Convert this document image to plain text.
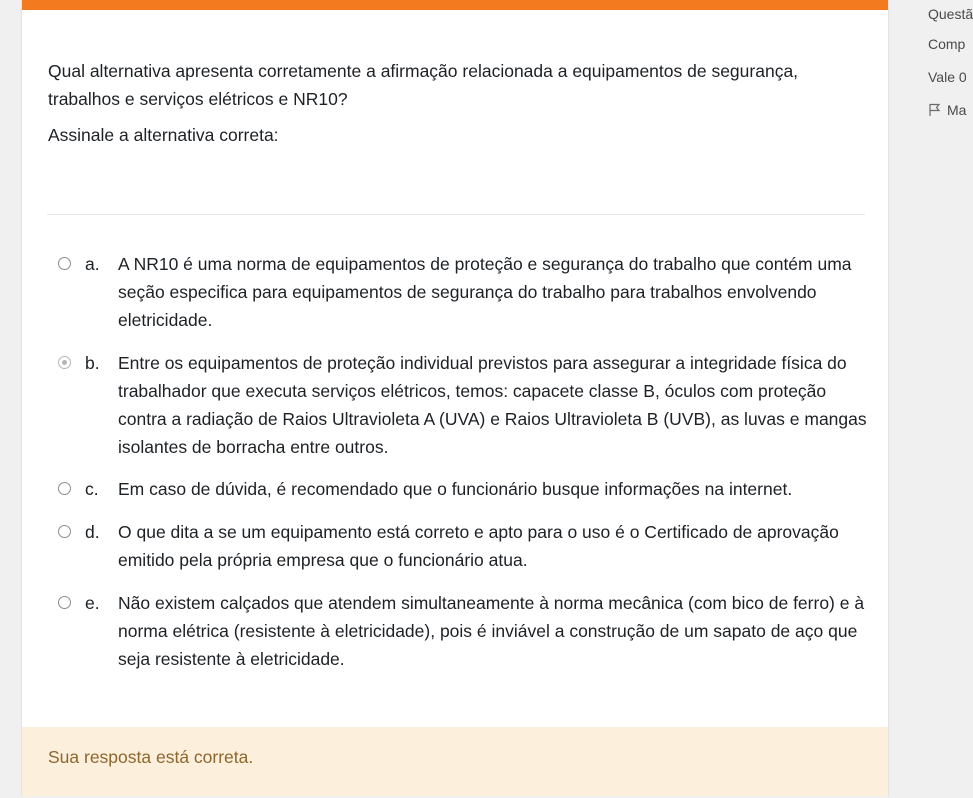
Qual alternativa apresenta corretamente a afirmação relacionada a equipamentos de segurança, trabalhos e serviços elétricos e NR10?

Assinale a alternativa correta:

a. A NR10 é uma norma de equipamentos de proteção e segurança do trabalho que contém uma seção especifica para equipamentos de segurança do trabalho para trabalhos envolvendo eletricidade.

b. Entre os equipamentos de proteção individual previstos para assegurar a integridade física do trabalhador que executa serviços elétricos, temos: capacete classe B, óculos com proteção contra a radiação de Raios Ultravioleta A (UVA) e Raios Ultravioleta B (UVB), as luvas e mangas isolantes de borracha entre outros.

c. Em caso de dúvida, é recomendado que o funcionário busque informações na internet.

d. O que dita a se um equipamento está correto e apto para o uso é o Certificado de aprovação emitido pela própria empresa que o funcionário atua.

e. Não existem calçados que atendem simultaneamente à norma mecânica (com bico de ferro) e à norma elétrica (resistente à eletricidade), pois é inviável a construção de um sapato de aço que seja resistente à eletricidade.

Sua resposta está correta.
Questã
Comp
Vale 0
Ma
